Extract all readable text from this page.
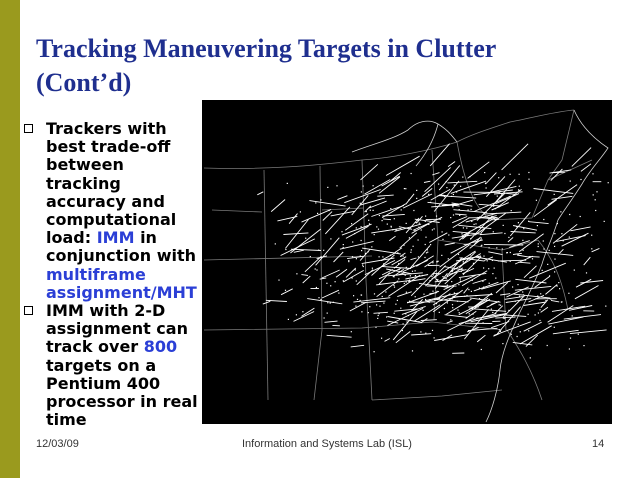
Tracking Maneuvering Targets in Clutter
(Cont’d)
Trackers with
best trade-off
between
tracking
accuracy and
computational
load: IMM in
conjunction with
multiframe
assignment/MHT
IMM with 2-D
assignment can
track over 800
targets on a
Pentium 400
processor in real
time
12/03/09	Information and Systems Lab (ISL)	14
